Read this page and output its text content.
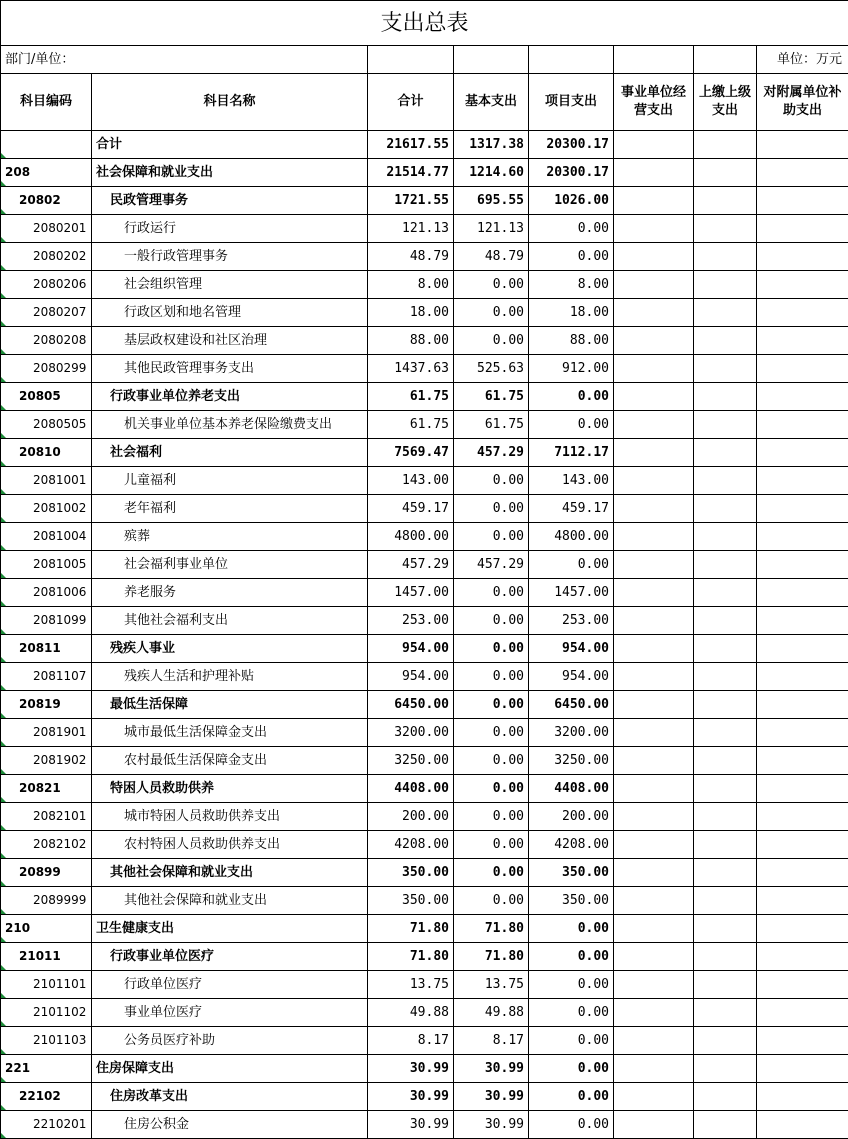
支出总表							
部门/单位：							单位：万元
科目编码	科目名称	合计	基本支出	项目支出	事业单位经营支出	上缴上级支出	对附属单位补助支出

	合计	21617.55	1317.38	20300.17			

208	社会保障和就业支出	21514.77	1214.60	20300.17			

20802	民政管理事务	1721.55	695.55	1026.00			

2080201	行政运行	121.13	121.13	0.00			

2080202	一般行政管理事务	48.79	48.79	0.00			

2080206	社会组织管理	8.00	0.00	8.00			

2080207	行政区划和地名管理	18.00	0.00	18.00			

2080208	基层政权建设和社区治理	88.00	0.00	88.00			

2080299	其他民政管理事务支出	1437.63	525.63	912.00			

20805	行政事业单位养老支出	61.75	61.75	0.00			

2080505	机关事业单位基本养老保险缴费支出	61.75	61.75	0.00			

20810	社会福利	7569.47	457.29	7112.17			

2081001	儿童福利	143.00	0.00	143.00			

2081002	老年福利	459.17	0.00	459.17			

2081004	殡葬	4800.00	0.00	4800.00			

2081005	社会福利事业单位	457.29	457.29	0.00			

2081006	养老服务	1457.00	0.00	1457.00			

2081099	其他社会福利支出	253.00	0.00	253.00			

20811	残疾人事业	954.00	0.00	954.00			

2081107	残疾人生活和护理补贴	954.00	0.00	954.00			

20819	最低生活保障	6450.00	0.00	6450.00			

2081901	城市最低生活保障金支出	3200.00	0.00	3200.00			

2081902	农村最低生活保障金支出	3250.00	0.00	3250.00			

20821	特困人员救助供养	4408.00	0.00	4408.00			

2082101	城市特困人员救助供养支出	200.00	0.00	200.00			

2082102	农村特困人员救助供养支出	4208.00	0.00	4208.00			

20899	其他社会保障和就业支出	350.00	0.00	350.00			

2089999	其他社会保障和就业支出	350.00	0.00	350.00			

210	卫生健康支出	71.80	71.80	0.00			

21011	行政事业单位医疗	71.80	71.80	0.00			

2101101	行政单位医疗	13.75	13.75	0.00			

2101102	事业单位医疗	49.88	49.88	0.00			

2101103	公务员医疗补助	8.17	8.17	0.00			

221	住房保障支出	30.99	30.99	0.00			

22102	住房改革支出	30.99	30.99	0.00			

2210201	住房公积金	30.99	30.99	0.00			
